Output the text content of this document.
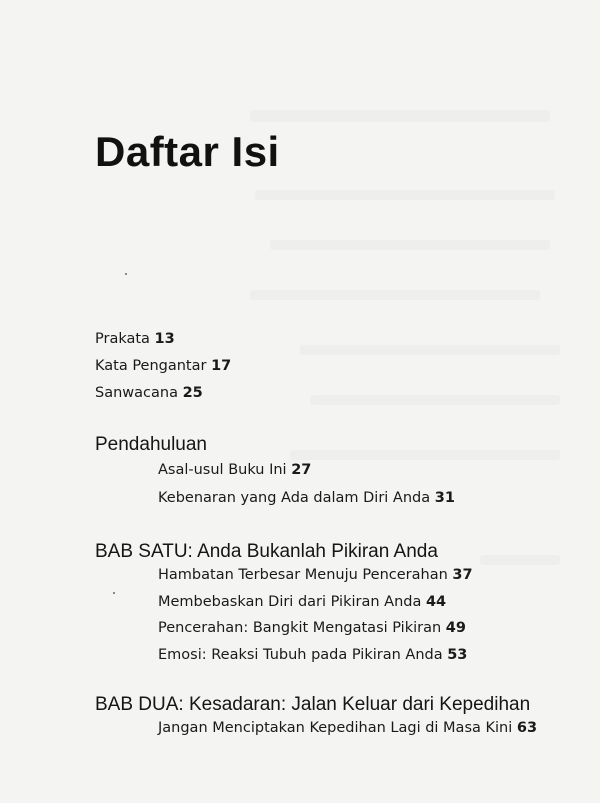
Daftar Isi
Prakata 13
Kata Pengantar 17
Sanwacana 25
Pendahuluan
Asal-usul Buku Ini 27
Kebenaran yang Ada dalam Diri Anda 31
BAB SATU: Anda Bukanlah Pikiran Anda
Hambatan Terbesar Menuju Pencerahan 37
Membebaskan Diri dari Pikiran Anda 44
Pencerahan: Bangkit Mengatasi Pikiran 49
Emosi: Reaksi Tubuh pada Pikiran Anda 53
BAB DUA: Kesadaran: Jalan Keluar dari Kepedihan
Jangan Menciptakan Kepedihan Lagi di Masa Kini 63
